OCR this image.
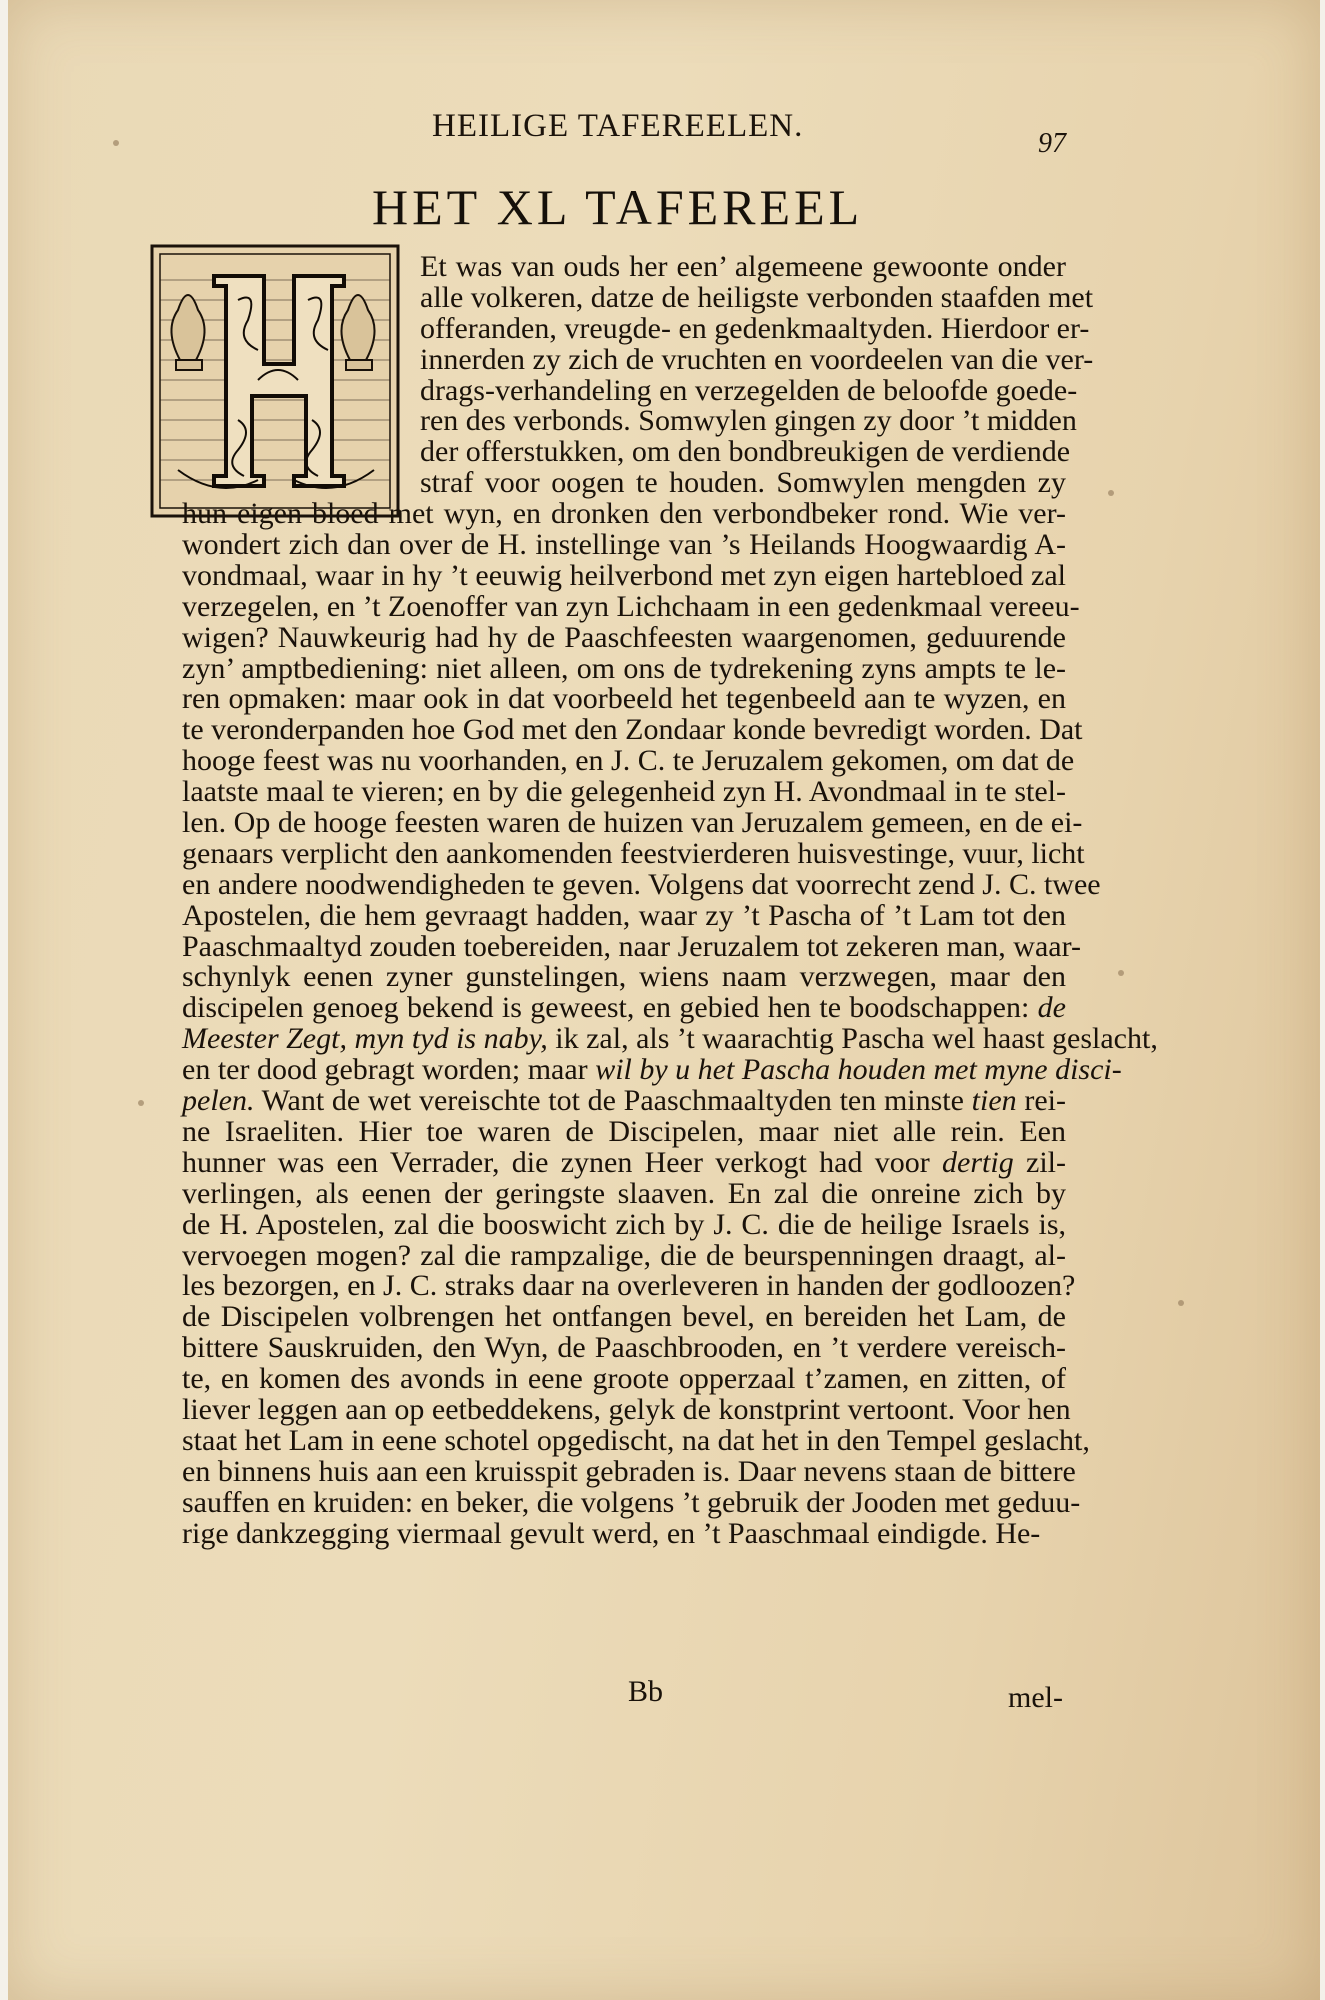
HEILIGE TAFEREELEN.	97
HET XL TAFEREEL
Et was van ouds her een’ algemeene gewoonte onder
alle volkeren, datze de heiligste verbonden staafden met
offeranden, vreugde- en gedenkmaaltyden. Hierdoor er-
innerden zy zich de vruchten en voordeelen van die ver-
drags-verhandeling en verzegelden de beloofde goede-
ren des verbonds. Somwylen gingen zy door ’t midden
der offerstukken, om den bondbreukigen de verdiende
straf voor oogen te houden. Somwylen mengden zy
hun eigen bloed met wyn, en dronken den verbondbeker rond. Wie ver-
wondert zich dan over de H. instellinge van ’s Heilands Hoogwaardig A-
vondmaal, waar in hy ’t eeuwig heilverbond met zyn eigen hartebloed zal
verzegelen, en ’t Zoenoffer van zyn Lichchaam in een gedenkmaal vereeu-
wigen? Nauwkeurig had hy de Paaschfeesten waargenomen, geduurende
zyn’ amptbediening: niet alleen, om ons de tydrekening zyns ampts te le-
ren opmaken: maar ook in dat voorbeeld het tegenbeeld aan te wyzen, en
te veronderpanden hoe God met den Zondaar konde bevredigt worden. Dat
hooge feest was nu voorhanden, en J. C. te Jeruzalem gekomen, om dat de
laatste maal te vieren; en by die gelegenheid zyn H. Avondmaal in te stel-
len. Op de hooge feesten waren de huizen van Jeruzalem gemeen, en de ei-
genaars verplicht den aankomenden feestvierderen huisvestinge, vuur, licht
en andere noodwendigheden te geven. Volgens dat voorrecht zend J. C. twee
Apostelen, die hem gevraagt hadden, waar zy ’t Pascha of ’t Lam tot den
Paaschmaaltyd zouden toebereiden, naar Jeruzalem tot zekeren man, waar-
schynlyk eenen zyner gunstelingen, wiens naam verzwegen, maar den
discipelen genoeg bekend is geweest, en gebied hen te boodschappen: de
Meester Zegt, myn tyd is naby, ik zal, als ’t waarachtig Pascha wel haast geslacht,
en ter dood gebragt worden; maar wil by u het Pascha houden met myne disci-
pelen. Want de wet vereischte tot de Paaschmaaltyden ten minste tien rei-
ne Israeliten. Hier toe waren de Discipelen, maar niet alle rein. Een
hunner was een Verrader, die zynen Heer verkogt had voor dertig zil-
verlingen, als eenen der geringste slaaven. En zal die onreine zich by
de H. Apostelen, zal die booswicht zich by J. C. die de heilige Israels is,
vervoegen mogen? zal die rampzalige, die de beurspenningen draagt, al-
les bezorgen, en J. C. straks daar na overleveren in handen der godloozen?
de Discipelen volbrengen het ontfangen bevel, en bereiden het Lam, de
bittere Sauskruiden, den Wyn, de Paaschbrooden, en ’t verdere vereisch-
te, en komen des avonds in eene groote opperzaal t’zamen, en zitten, of
liever leggen aan op eetbeddekens, gelyk de konstprint vertoont. Voor hen
staat het Lam in eene schotel opgedischt, na dat het in den Tempel geslacht,
en binnens huis aan een kruisspit gebraden is. Daar nevens staan de bittere
sauffen en kruiden: en beker, die volgens ’t gebruik der Jooden met geduu-
rige dankzegging viermaal gevult werd, en ’t Paaschmaal eindigde. He-
Bb	mel-
